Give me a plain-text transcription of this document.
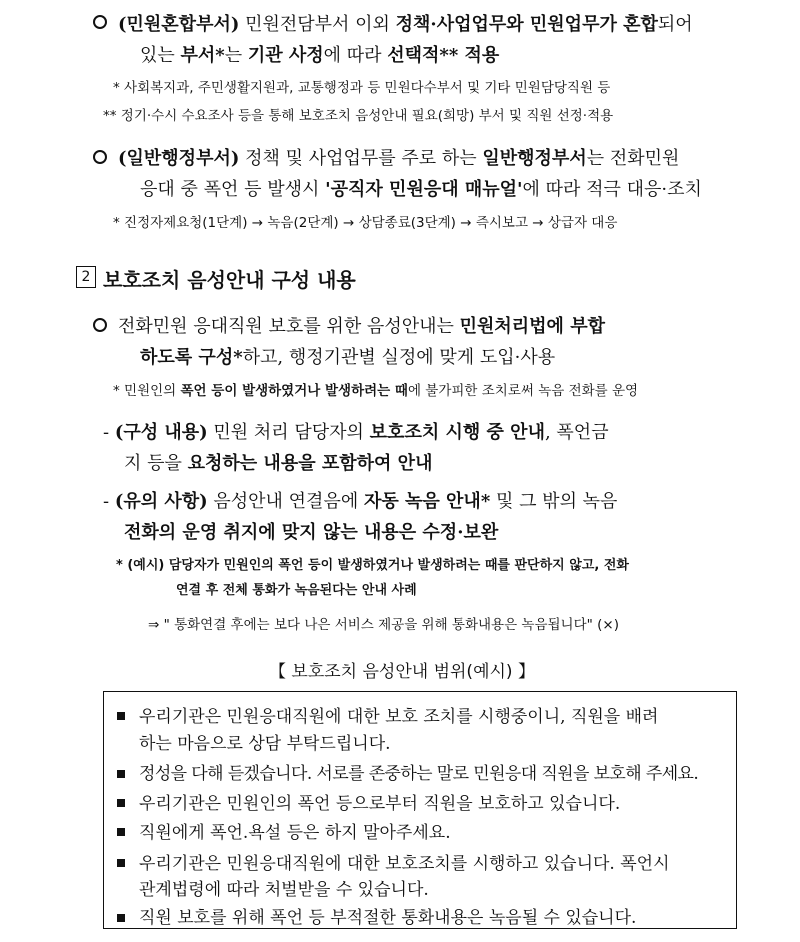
(민원혼합부서) 민원전담부서 이외 정책·사업업무와 민원업무가 혼합되어
있는 부서*는 기관 사정에 따라 선택적** 적용
* 사회복지과, 주민생활지원과, 교통행정과 등 민원다수부서 및 기타 민원담당직원 등
** 정기·수시 수요조사 등을 통해 보호조치 음성안내 필요(희망) 부서 및 직원 선정·적용
(일반행정부서) 정책 및 사업업무를 주로 하는 일반행정부서는 전화민원
응대 중 폭언 등 발생시 '공직자 민원응대 매뉴얼'에 따라 적극 대응·조치
* 진정자제요청(1단계) → 녹음(2단계) → 상담종료(3단계) → 즉시보고 → 상급자 대응
2 보호조치 음성안내 구성 내용
전화민원 응대직원 보호를 위한 음성안내는 민원처리법에 부합
하도록 구성*하고, 행정기관별 실정에 맞게 도입·사용
* 민원인의 폭언 등이 발생하였거나 발생하려는 때에 불가피한 조치로써 녹음 전화를 운영
- (구성 내용) 민원 처리 담당자의 보호조치 시행 중 안내, 폭언금
지 등을 요청하는 내용을 포함하여 안내
- (유의 사항) 음성안내 연결음에 자동 녹음 안내* 및 그 밖의 녹음
전화의 운영 취지에 맞지 않는 내용은 수정·보완
* (예시) 담당자가 민원인의 폭언 등이 발생하였거나 발생하려는 때를 판단하지 않고, 전화
연결 후 전체 통화가 녹음된다는 안내 사례
⇒ " 통화연결 후에는 보다 나은 서비스 제공을 위해 통화내용은 녹음됩니다" (×)
【 보호조치 음성안내 범위(예시) 】
우리기관은 민원응대직원에 대한 보호 조치를 시행중이니, 직원을 배려
하는 마음으로 상담 부탁드립니다.
정성을 다해 듣겠습니다. 서로를 존중하는 말로 민원응대 직원을 보호해 주세요.
우리기관은 민원인의 폭언 등으로부터 직원을 보호하고 있습니다.
직원에게 폭언.욕설 등은 하지 말아주세요.
우리기관은 민원응대직원에 대한 보호조치를 시행하고 있습니다. 폭언시
관계법령에 따라 처벌받을 수 있습니다.
직원 보호를 위해 폭언 등 부적절한 통화내용은 녹음될 수 있습니다.
